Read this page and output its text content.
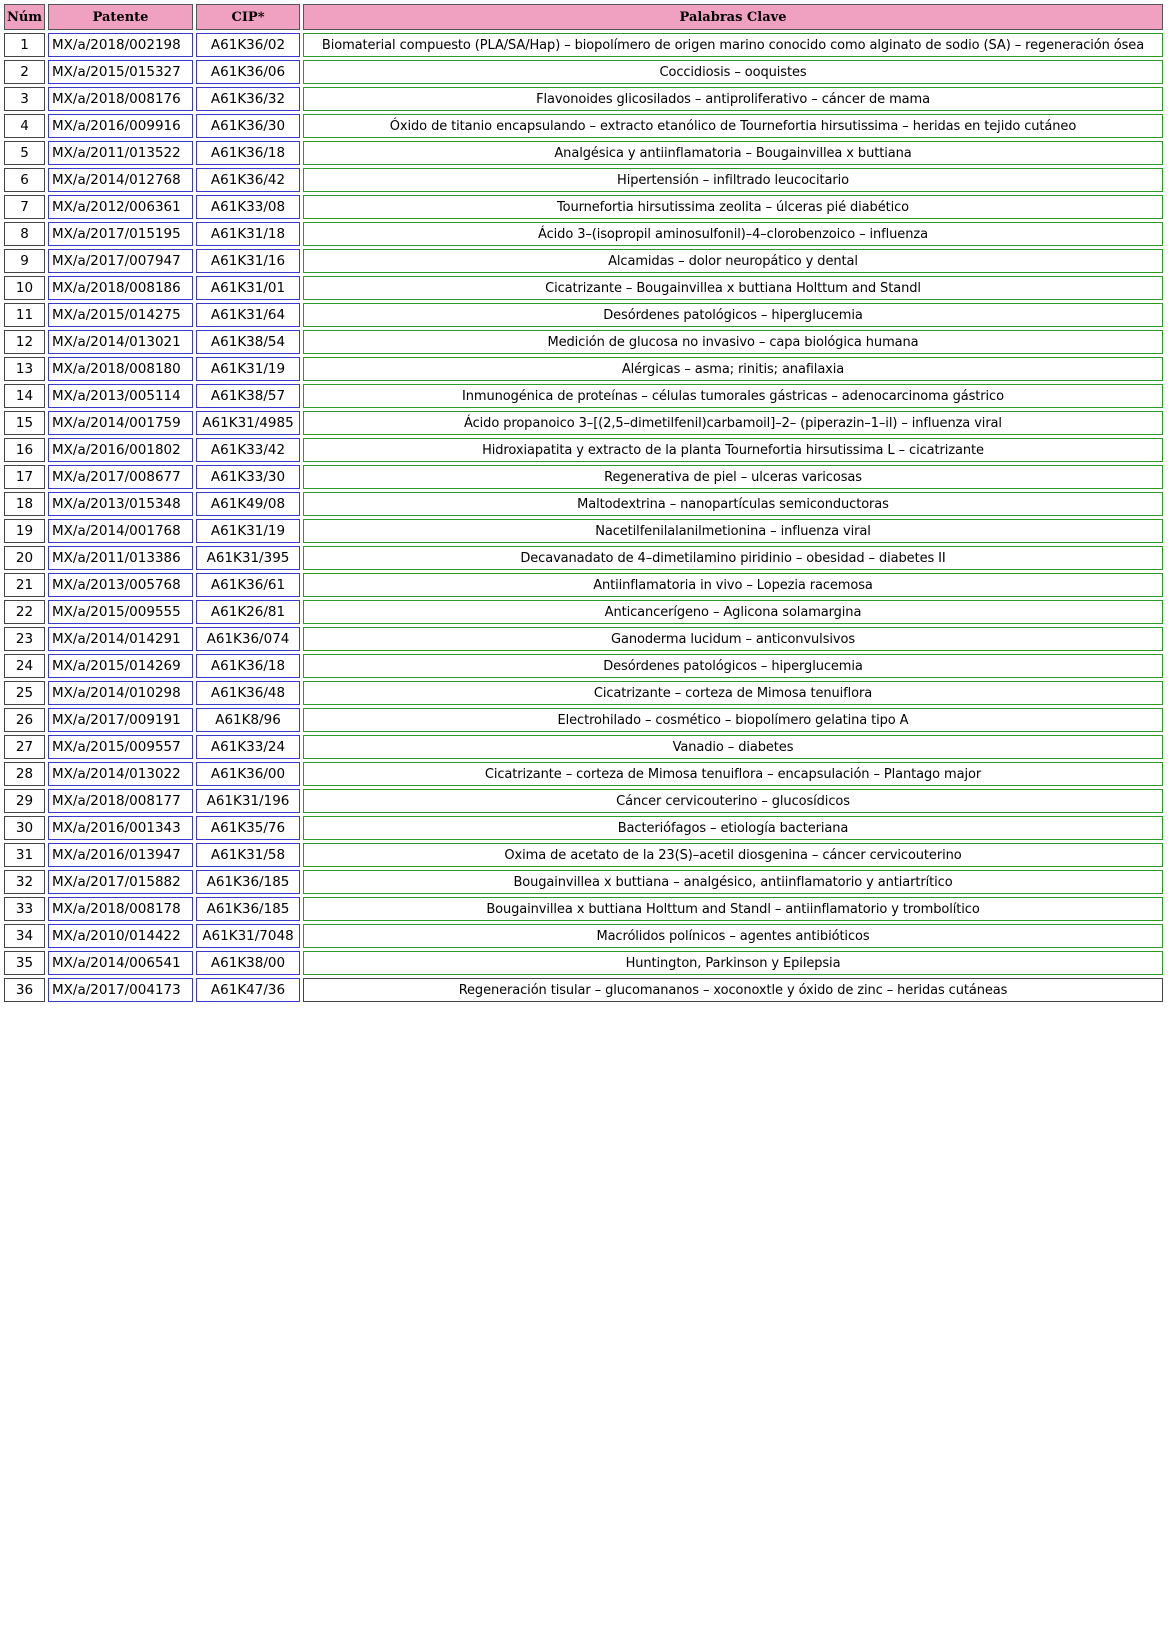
Núm	Patente	CIP*	Palabras Clave
1	MX/a/2018/002198	A61K36/02	Biomaterial compuesto (PLA/SA/Hap) – biopolímero de origen marino conocido como alginato de sodio (SA) – regeneración ósea
2	MX/a/2015/015327	A61K36/06	Coccidiosis – ooquistes
3	MX/a/2018/008176	A61K36/32	Flavonoides glicosilados – antiproliferativo – cáncer de mama
4	MX/a/2016/009916	A61K36/30	Óxido de titanio encapsulando – extracto etanólico de Tournefortia hirsutissima – heridas en tejido cutáneo
5	MX/a/2011/013522	A61K36/18	Analgésica y antiinflamatoria – Bougainvillea x buttiana
6	MX/a/2014/012768	A61K36/42	Hipertensión – infiltrado leucocitario
7	MX/a/2012/006361	A61K33/08	Tournefortia hirsutissima zeolita – úlceras pié diabético
8	MX/a/2017/015195	A61K31/18	Ácido 3–(isopropil aminosulfonil)–4–clorobenzoico – influenza
9	MX/a/2017/007947	A61K31/16	Alcamidas – dolor neuropático y dental
10	MX/a/2018/008186	A61K31/01	Cicatrizante – Bougainvillea x buttiana Holttum and Standl
11	MX/a/2015/014275	A61K31/64	Desórdenes patológicos – hiperglucemia
12	MX/a/2014/013021	A61K38/54	Medición de glucosa no invasivo – capa biológica humana
13	MX/a/2018/008180	A61K31/19	Alérgicas – asma; rinitis; anafilaxia
14	MX/a/2013/005114	A61K38/57	Inmunogénica de proteínas – células tumorales gástricas – adenocarcinoma gástrico
15	MX/a/2014/001759	A61K31/4985	Ácido propanoico 3–[(2,5–dimetilfenil)carbamoil]–2– (piperazin–1–il) – influenza viral
16	MX/a/2016/001802	A61K33/42	Hidroxiapatita y extracto de la planta Tournefortia hirsutissima L – cicatrizante
17	MX/a/2017/008677	A61K33/30	Regenerativa de piel – ulceras varicosas
18	MX/a/2013/015348	A61K49/08	Maltodextrina – nanopartículas semiconductoras
19	MX/a/2014/001768	A61K31/19	Nacetilfenilalanilmetionina – influenza viral
20	MX/a/2011/013386	A61K31/395	Decavanadato de 4–dimetilamino piridinio – obesidad – diabetes II
21	MX/a/2013/005768	A61K36/61	Antiinflamatoria in vivo – Lopezia racemosa
22	MX/a/2015/009555	A61K26/81	Anticancerígeno – Aglicona solamargina
23	MX/a/2014/014291	A61K36/074	Ganoderma lucidum – anticonvulsivos
24	MX/a/2015/014269	A61K36/18	Desórdenes patológicos – hiperglucemia
25	MX/a/2014/010298	A61K36/48	Cicatrizante – corteza de Mimosa tenuiflora
26	MX/a/2017/009191	A61K8/96	Electrohilado – cosmético – biopolímero gelatina tipo A
27	MX/a/2015/009557	A61K33/24	Vanadio – diabetes
28	MX/a/2014/013022	A61K36/00	Cicatrizante – corteza de Mimosa tenuiflora – encapsulación – Plantago major
29	MX/a/2018/008177	A61K31/196	Cáncer cervicouterino – glucosídicos
30	MX/a/2016/001343	A61K35/76	Bacteriófagos – etiología bacteriana
31	MX/a/2016/013947	A61K31/58	Oxima de acetato de la 23(S)–acetil diosgenina – cáncer cervicouterino
32	MX/a/2017/015882	A61K36/185	Bougainvillea x buttiana – analgésico, antiinflamatorio y antiartrítico
33	MX/a/2018/008178	A61K36/185	Bougainvillea x buttiana Holttum and Standl – antiinflamatorio y trombolítico
34	MX/a/2010/014422	A61K31/7048	Macrólidos polínicos – agentes antibióticos
35	MX/a/2014/006541	A61K38/00	Huntington, Parkinson y Epilepsia
36	MX/a/2017/004173	A61K47/36	Regeneración tisular – glucomananos – xoconoxtle y óxido de zinc – heridas cutáneas
